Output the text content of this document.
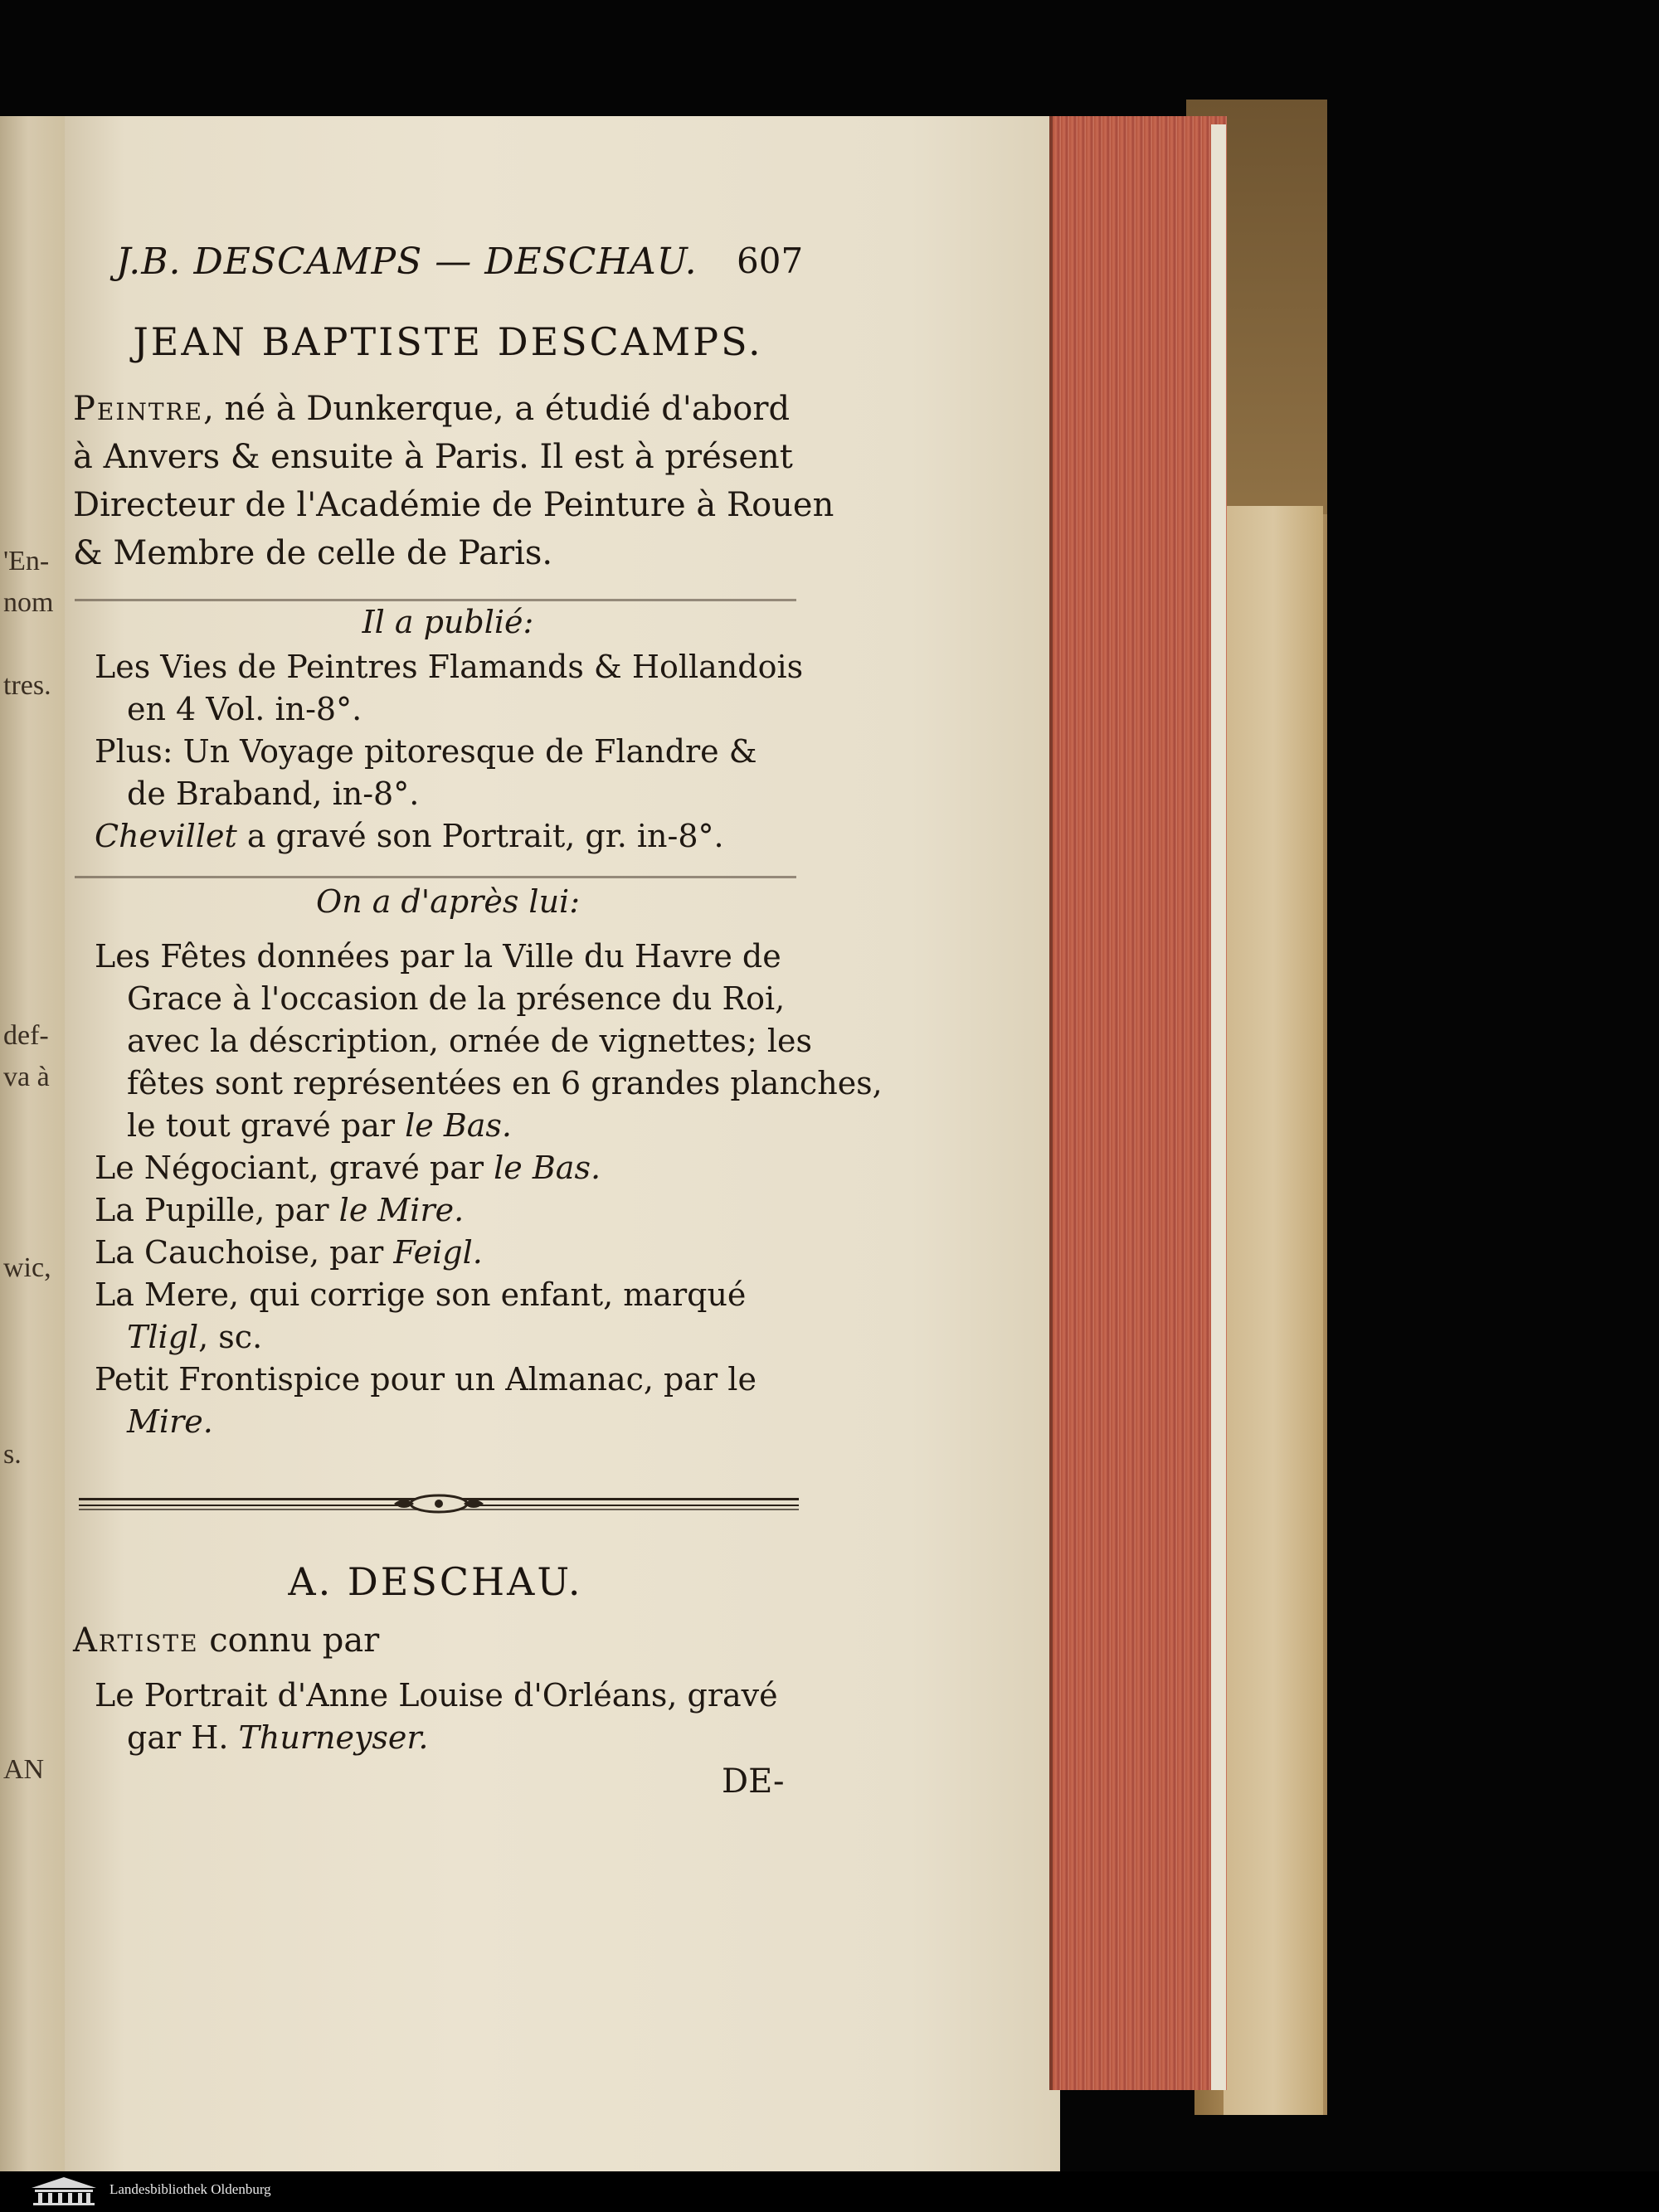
'En-
nom
tres.
def-
va à
wic,
s.
AN
J.B. DESCAMPS — DESCHAU.	607
JEAN BAPTISTE DESCAMPS.
Peintre, né à Dunkerque, a étudié d'abord
à Anvers & ensuite à Paris. Il est à présent
Directeur de l'Académie de Peinture à Rouen
& Membre de celle de Paris.
Il a publié:
Les Vies de Peintres Flamands & Hollandois
en 4 Vol. in-8°.
Plus: Un Voyage pitoresque de Flandre &
de Braband, in-8°.
Chevillet a gravé son Portrait, gr. in-8°.
On a d'après lui:
Les Fêtes données par la Ville du Havre de
Grace à l'occasion de la présence du Roi,
avec la déscription, ornée de vignettes; les
fêtes sont représentées en 6 grandes planches,
le tout gravé par le Bas.
Le Négociant, gravé par le Bas.
La Pupille, par le Mire.
La Cauchoise, par Feigl.
La Mere, qui corrige son enfant, marqué
Tligl, sc.
Petit Frontispice pour un Almanac, par le
Mire.
A. DESCHAU.
Artiste connu par
Le Portrait d'Anne Louise d'Orléans, gravé
gar H. Thurneyser.
DE-
Landesbibliothek Oldenburg
